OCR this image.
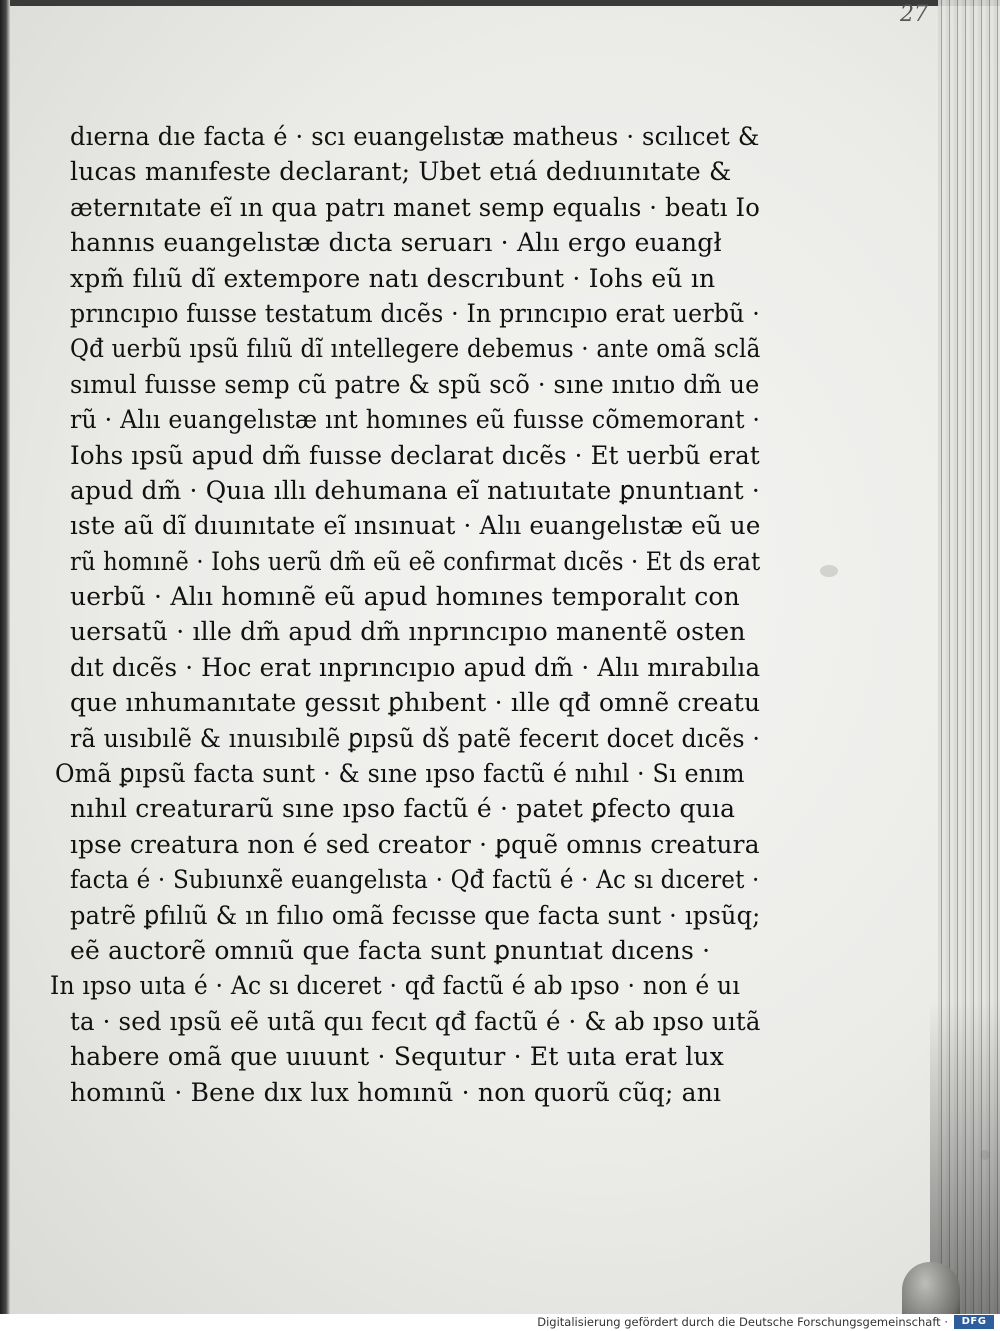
27
dıerna dıe facta é · scı euangelıstæ matheus · scılıcet &
lucas manıfeste declarant; Ubet etıá dedıuınıtate &
æternıtate eı̃ ın qua patrı manet semp equalıs · beatı Io
hannıs euangelıstæ dıcta seruarı · Alıı ergo euangł
xpm̃ fılıũ dı̃ extempore natı descrıbunt · Iohs eũ ın
prıncıpıo fuısse testatum dıcẽs · In prıncıpıo erat uerbũ ·
Qđ uerbũ ıpsũ fılıũ dı̃ ıntellegere debemus · ante omã sclã
sımul fuısse semp cũ patre & spũ scõ · sıne ınıtıo dm̃ ue
rũ · Alıı euangelıstæ ınt homınes eũ fuısse cõmemorant ·
Iohs ıpsũ apud dm̃ fuısse declarat dıcẽs · Et uerbũ erat
apud dm̃ · Quıa ıllı dehumana eı̃ natıuıtate ꝑnuntıant ·
ıste aũ dı̃ dıuınıtate eı̃ ınsınuat · Alıı euangelıstæ eũ ue
rũ homınẽ · Iohs uerũ dm̃ eũ eẽ confırmat dıcẽs · Et ds erat
uerbũ · Alıı homınẽ eũ apud homınes temporalıt con
uersatũ · ılle dm̃ apud dm̃ ınprıncıpıo manentẽ osten
dıt dıcẽs · Hoc erat ınprıncıpıo apud dm̃ · Alıı mırabılıa
que ınhumanıtate gessıt ꝑhıbent · ılle qđ omnẽ creatu
rã uısıbılẽ & ınuısıbılẽ ꝑıpsũ dš patẽ fecerıt docet dıcẽs ·
Omã ꝑıpsũ facta sunt · & sıne ıpso factũ é nıhıl · Sı enım
nıhıl creaturarũ sıne ıpso factũ é · patet ꝑfecto quıa
ıpse creatura non é sed creator · ꝑquẽ omnıs creatura
facta é · Subıunxẽ euangelısta · Qđ factũ é · Ac sı dıceret ·
patrẽ ꝑfılıũ & ın fılıo omã fecısse que facta sunt · ıpsũq;
eẽ auctorẽ omnıũ que facta sunt ꝑnuntıat dıcens ·
In ıpso uıta é · Ac sı dıceret · qđ factũ é ab ıpso · non é uı
ta · sed ıpsũ eẽ uıtã quı fecıt qđ factũ é · & ab ıpso uıtã
habere omã que uıuunt · Sequıtur · Et uıta erat lux
homınũ · Bene dıx lux homınũ · non quorũ cũq; anı
Digitalisierung gefördert durch die Deutsche Forschungsgemeinschaft ·	DFG
